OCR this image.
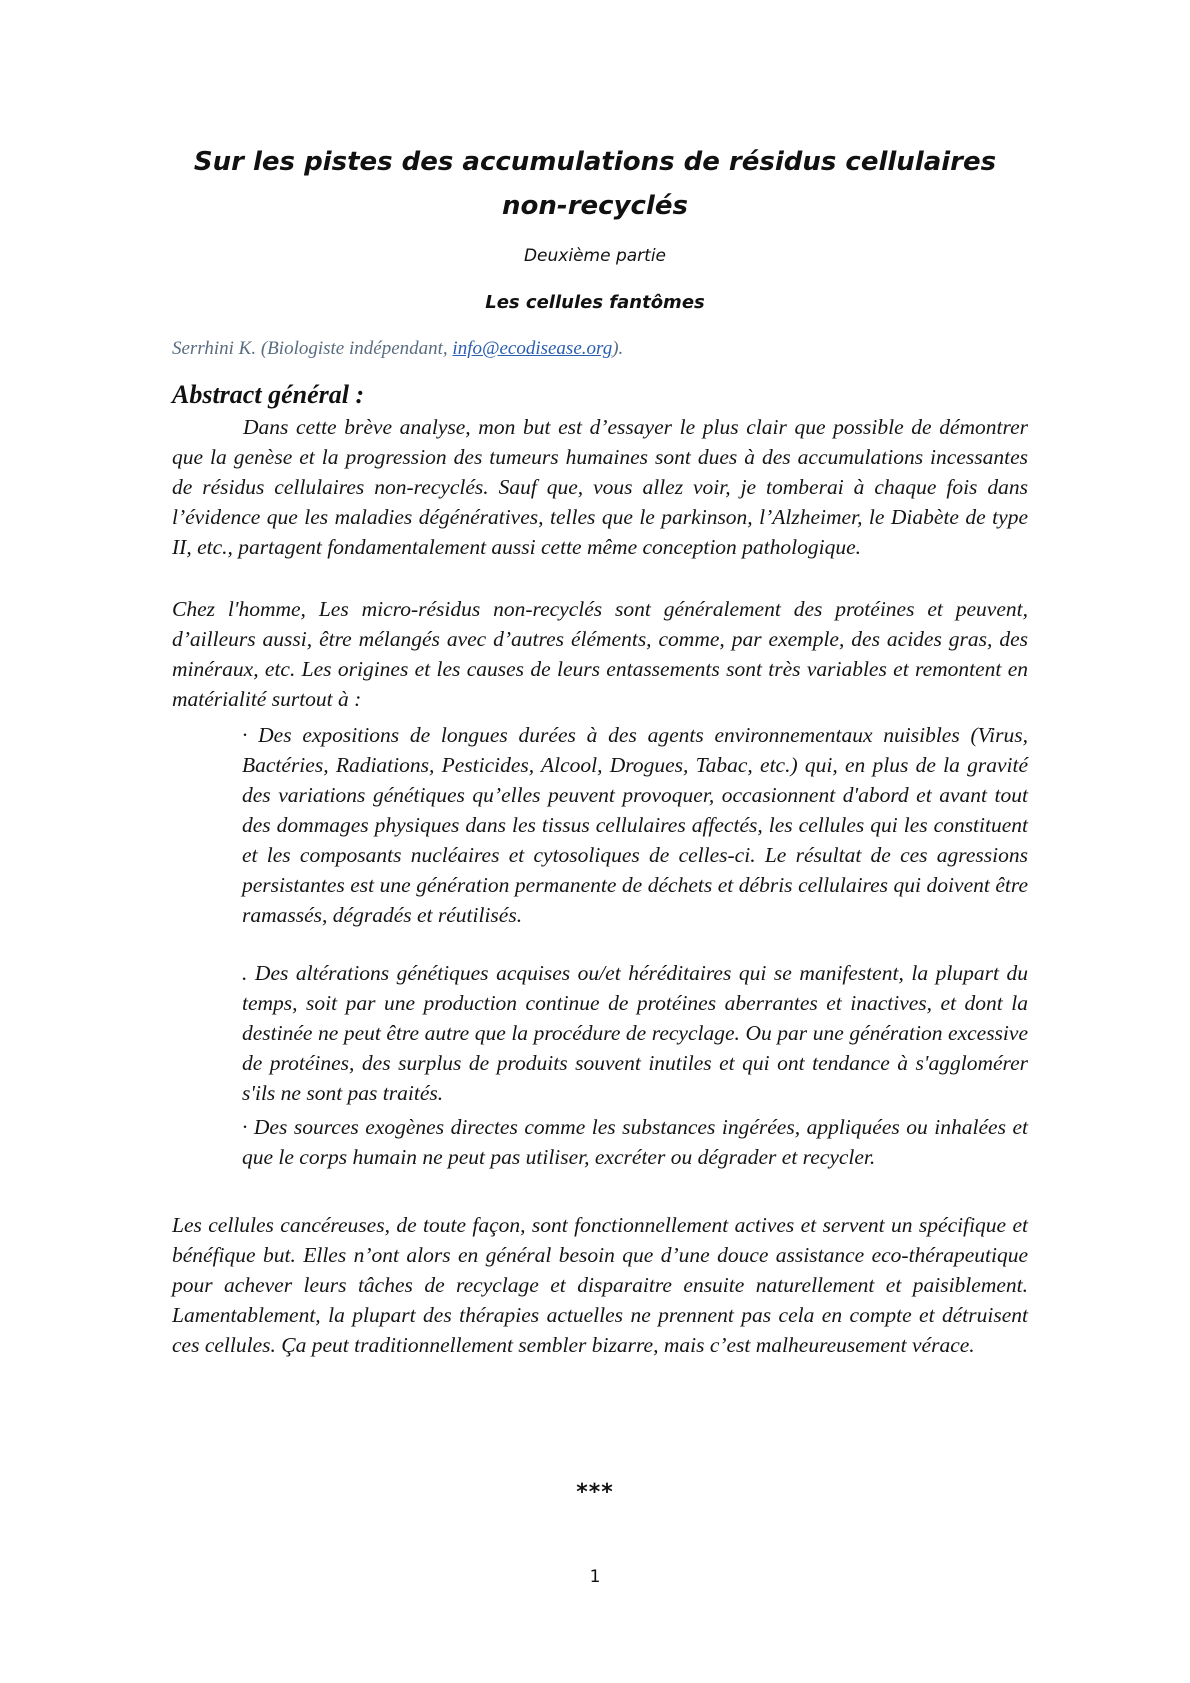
Sur les pistes des accumulations de résidus cellulaires non-recyclés
Deuxième partie
Les cellules fantômes
Serrhini K. (Biologiste indépendant, info@ecodisease.org).
Abstract général :

Dans cette brève analyse, mon but est d’essayer le plus clair que possible de démontrer que la genèse et la progression des tumeurs humaines sont dues à des accumulations incessantes de résidus cellulaires non-recyclés. Sauf que, vous allez voir, je tomberai à chaque fois dans l’évidence que les maladies dégénératives, telles que le parkinson, l’Alzheimer, le Diabète de type II, etc., partagent fondamentalement aussi cette même conception pathologique.

Chez l'homme, Les micro-résidus non-recyclés sont généralement des protéines et peuvent, d’ailleurs aussi, être mélangés avec d’autres éléments, comme, par exemple, des acides gras, des minéraux, etc. Les origines et les causes de leurs entassements sont très variables et remontent en matérialité surtout à :

· Des expositions de longues durées à des agents environnementaux nuisibles (Virus, Bactéries, Radiations, Pesticides, Alcool, Drogues, Tabac, etc.) qui, en plus de la gravité des variations génétiques qu’elles peuvent provoquer, occasionnent d'abord et avant tout des dommages physiques dans les tissus cellulaires affectés, les cellules qui les constituent et les composants nucléaires et cytosoliques de celles-ci. Le résultat de ces agressions persistantes est une génération permanente de déchets et débris cellulaires qui doivent être ramassés, dégradés et réutilisés.

. Des altérations génétiques acquises ou/et héréditaires qui se manifestent, la plupart du temps, soit par une production continue de protéines aberrantes et inactives, et dont la destinée ne peut être autre que la procédure de recyclage. Ou par une génération excessive de protéines, des surplus de produits souvent inutiles et qui ont tendance à s'agglomérer s'ils ne sont pas traités.

· Des sources exogènes directes comme les substances ingérées, appliquées ou inhalées et que le corps humain ne peut pas utiliser, excréter ou dégrader et recycler.

Les cellules cancéreuses, de toute façon, sont fonctionnellement actives et servent un spécifique et bénéfique but. Elles n’ont alors en général besoin que d’une douce assistance eco-thérapeutique pour achever leurs tâches de recyclage et disparaitre ensuite naturellement et paisiblement. Lamentablement, la plupart des thérapies actuelles ne prennent pas cela en compte et détruisent ces cellules. Ça peut traditionnellement sembler bizarre, mais c’est malheureusement vérace.

***
1
